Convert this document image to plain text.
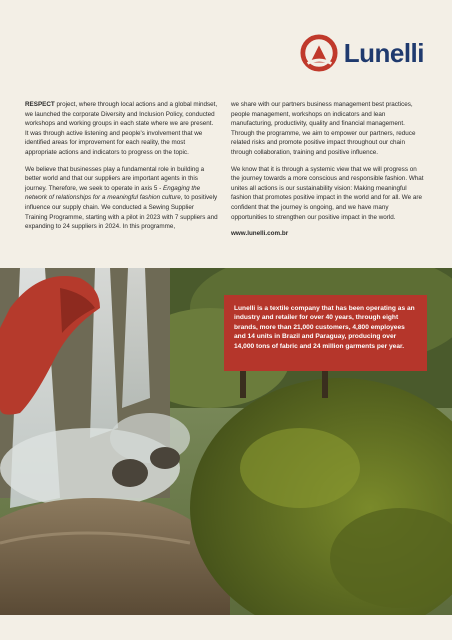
Lunelli

RESPECT project, where through local actions and a global mindset, we launched the corporate Diversity and Inclusion Policy, conducted workshops and working groups in each state where we are present. It was through active listening and people's involvement that we identified areas for improvement for each reality, the most appropriate actions and indicators to progress on the topic.

We believe that businesses play a fundamental role in building a better world and that our suppliers are important agents in this journey. Therefore, we seek to operate in axis 5 - Engaging the network of relationships for a meaningful fashion culture, to positively influence our supply chain. We conducted a Sewing Supplier Training Programme, starting with a pilot in 2023 with 7 suppliers and expanding to 24 suppliers in 2024. In this programme,

we share with our partners business management best practices, people management, workshops on indicators and lean manufacturing, productivity, quality and financial management. Through the programme, we aim to empower our partners, reduce related risks and promote positive impact throughout our chain through collaboration, training and positive influence.

We know that it is through a systemic view that we will progress on the journey towards a more conscious and responsible fashion. What unites all actions is our sustainability vision: Making meaningful fashion that promotes positive impact in the world and for all. We are confident that the journey is ongoing, and we have many opportunities to strengthen our positive impact in the world.

www.lunelli.com.br
Lunelli is a textile company that has been operating as an industry and retailer for over 40 years, through eight brands, more than 21,000 customers, 4,800 employees and 14 units in Brazil and Paraguay, producing over 14,000 tons of fabric and 24 million garments per year.
